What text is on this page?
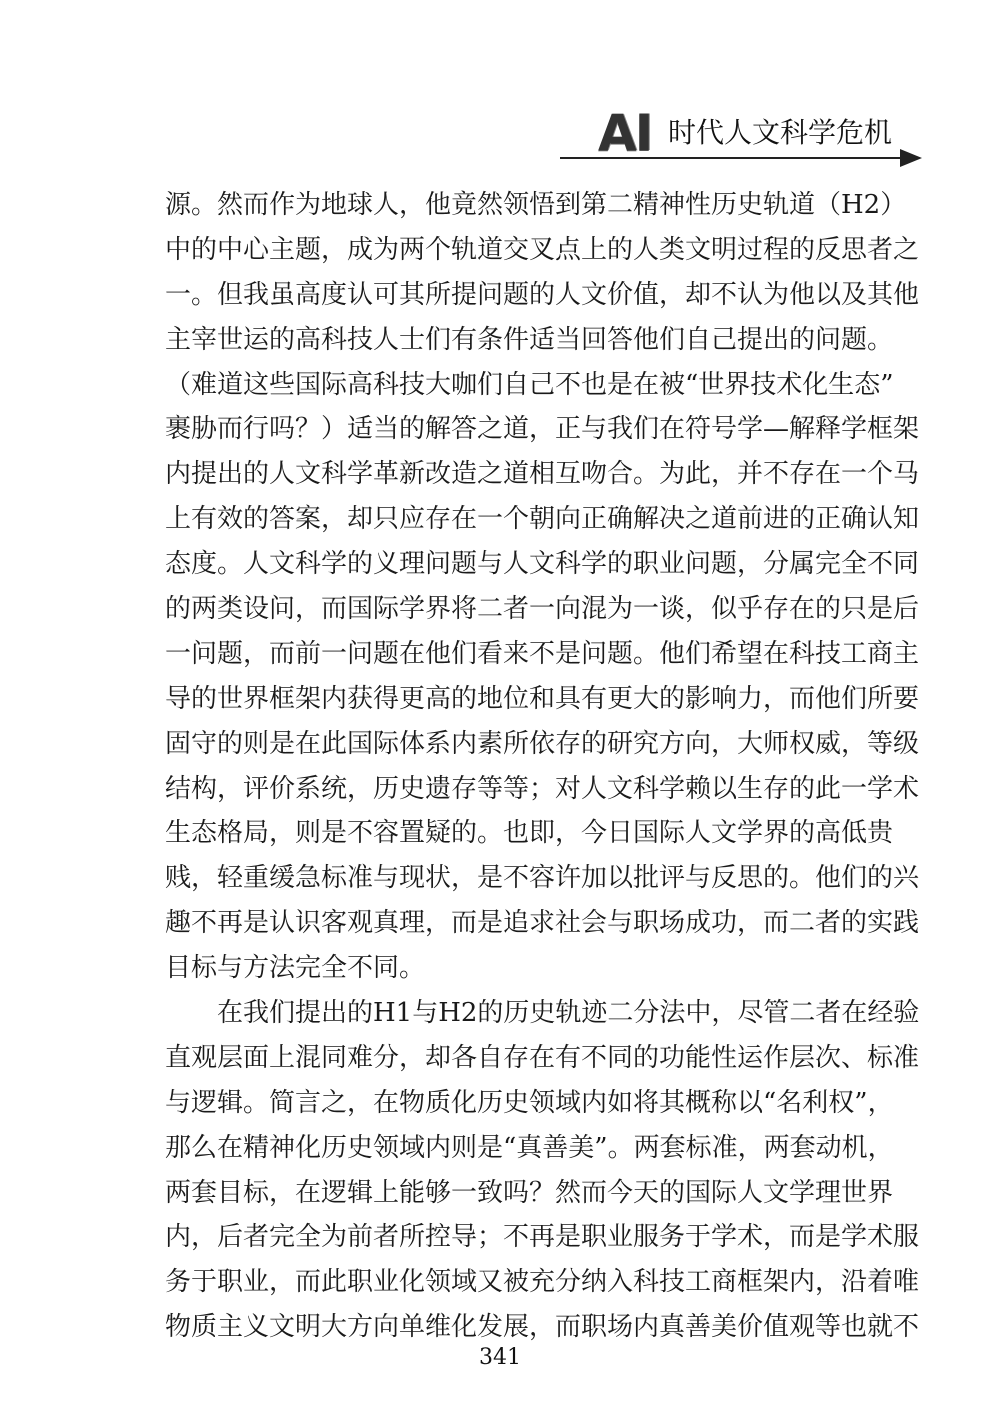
AI 时代人文科学危机
源。然而作为地球人，他竟然领悟到第二精神性历史轨道（H2）
中的中心主题，成为两个轨道交叉点上的人类文明过程的反思者之
一。但我虽高度认可其所提问题的人文价值，却不认为他以及其他
主宰世运的高科技人士们有条件适当回答他们自己提出的问题。
（难道这些国际高科技大咖们自己不也是在被“世界技术化生态”
裹胁而行吗？）适当的解答之道，正与我们在符号学—解释学框架
内提出的人文科学革新改造之道相互吻合。为此，并不存在一个马
上有效的答案，却只应存在一个朝向正确解决之道前进的正确认知
态度。人文科学的义理问题与人文科学的职业问题，分属完全不同
的两类设问，而国际学界将二者一向混为一谈，似乎存在的只是后
一问题，而前一问题在他们看来不是问题。他们希望在科技工商主
导的世界框架内获得更高的地位和具有更大的影响力，而他们所要
固守的则是在此国际体系内素所依存的研究方向，大师权威，等级
结构，评价系统，历史遗存等等；对人文科学赖以生存的此一学术
生态格局，则是不容置疑的。也即，今日国际人文学界的高低贵
贱，轻重缓急标准与现状，是不容许加以批评与反思的。他们的兴
趣不再是认识客观真理，而是追求社会与职场成功，而二者的实践
目标与方法完全不同。
在我们提出的H1与H2的历史轨迹二分法中，尽管二者在经验
直观层面上混同难分，却各自存在有不同的功能性运作层次、标准
与逻辑。简言之，在物质化历史领域内如将其概称以“名利权”，
那么在精神化历史领域内则是“真善美”。两套标准，两套动机，
两套目标，在逻辑上能够一致吗？然而今天的国际人文学理世界
内，后者完全为前者所控导；不再是职业服务于学术，而是学术服
务于职业，而此职业化领域又被充分纳入科技工商框架内，沿着唯
物质主义文明大方向单维化发展，而职场内真善美价值观等也就不
341
